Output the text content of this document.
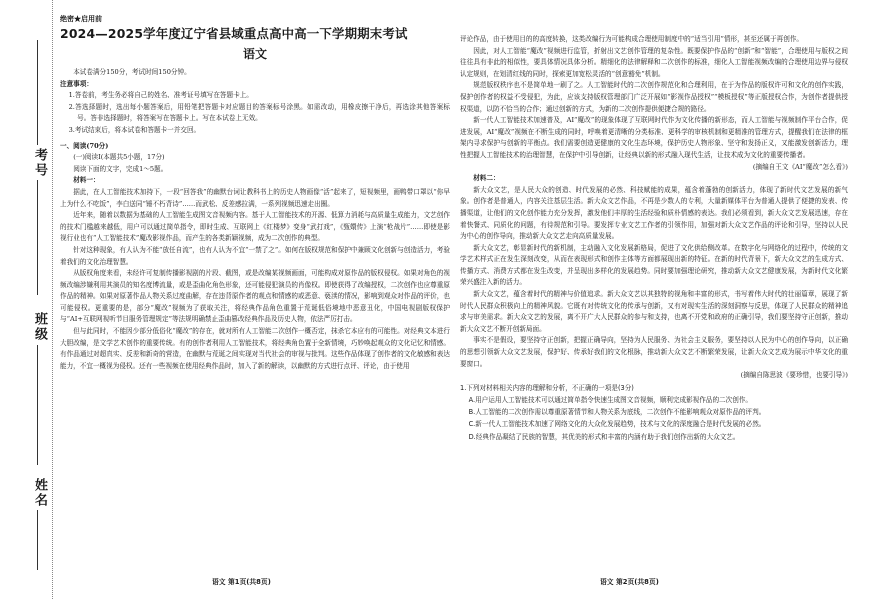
考号
班级
姓名
绝密★启用前
2024—2025学年度辽宁省县域重点高中高一下学期期末考试
语文

本试卷满分150分，考试时间150分钟。

注意事项：

1.答卷前，考生务必将自己的姓名、准考证号填写在答题卡上。

2.答选择题时，选出每小题答案后，用铅笔把答题卡对应题目的答案标号涂黑。如需改动，用橡皮擦干净后，再选涂其他答案标号。答非选择题时，将答案写在答题卡上。写在本试卷上无效。

3.考试结束后，将本试卷和答题卡一并交回。

一、阅读(70分)

(一)阅读Ⅰ(本题共5小题，17分)

阅读下面的文字，完成1～5题。

材料一：

据此，在人工智能技术加持下，一段“回答我”的幽默台词让教科书上的历史人物画像“活”起来了，短视频里，画鸭带口罩以“你早上为什么不吃饭”，李白送同“锤不朽背诗”……而武松、反差感拉满，一系列视频迅速走出圈。

近年来，随着以数据为基础的人工智能生成图文音视频内容。基于人工智能技术的开源、低算力消耗与高质量生成能力，文艺创作的技术门槛越来越低，用户可以通过简单指令，即时生成、互联网上《红楼梦》变身“武打戏”，《甄嬛传》上演“枪战片”……即使是影视行业也有“人工智能技术”魔改影视作品，而产生的各类新颖视频，成为二次创作的典型。

针对这种现象，有人认为不能“放任自流”，也有人认为不宜“一禁了之”。如何在版权规范和保护中兼顾文化创新与创造活力，考验着我们的文化治理智慧。

从版权角度来看，未经许可复制传播影视剧的片段、截图，或是改编某视频画面，可能构成对原作品的版权侵权。如果对角色的视频改编涉嫌利用其演员的知名度博流量，或是歪曲化角色形象，还可能侵犯演员的肖像权。即使获得了改编授权，二次创作也应尊重原作品的精神。如果对原著作品人物关系过度曲解，存在违背原作者的观点和情感的或恶意、亵渎的情况，影响到观众对作品的评价，也可能侵权。更重要的是，部分“魔改”视频为了获取关注，将经典作品角色重置于荒诞低俗境地中恶意丑化，中国电视剧版权保护与“AI+互联网视听节目服务管理规定”等法规明确禁止歪曲篡改经典作品及历史人物，依法严厉打击。

但与此同时，不能因少部分低俗化“魔改”的存在，就对所有人工智能二次创作一概否定，抹杀它本应有的可能性。对经典文本进行大胆改编，是文学艺术创作的重要传统。有的创作者利用人工智能技术，将经典角色置于全新情境，巧妙唤起观众的文化记忆和情感。有作品通过对超真实、反差和新奇的营造，在幽默与荒诞之间实现对当代社会的审视与批判。这些作品体现了创作者的文化敏感和表达能力，不宜一概视为侵权。还有一些视频在使用经典作品时，加入了新的解读，以幽默的方式进行点评、评论，由于使用

语文 第1页(共8页)

评论作品，由于使用目的的高度转换，这类改编行为可能构成合理使用制度中的“适当引用”情形，甚至还属于再创作。

因此，对人工智能“魔改”视频进行监管，折射出文艺创作管理的复杂性。既要保护作品的“创新”和“智能”，合理使用与版权之间往往具有非此的相似性，要具体情况具体分析。精细化的法律解释和二次创作的标准，细化人工智能视频改编的合理使用边界与侵权认定规则，在划清红线的同时，探索更加宽松灵活的“创意豁免”机制。

规范版权秩序也不是简单地一刷了之。人工智能时代的二次创作规范化和合理利用，在于为作品的版权许可和文化的创作实践，保护创作者的权益不受侵犯，为此，应该支持版权管理部门广泛开展如“影视作品授权”“模板授权”等正版授权合作，为创作者提供授权渠道，以防不恰当的合作；通过创新的方式，为新的二次创作提供便捷合规的路径。

新一代人工智能技术加速普及，AI“魔改”的现象体现了互联网时代作为文化传播的新形态，而人工智能与视频制作平台合作，促进发展，AI“魔改”视频在不断生成的同时，呼唤着更清晰的分类标准、更科学的审核机制和更精准的管理方式，提醒我们在法律的框架内寻求保护与创新的平衡点。我们需要创造更健康的文化生态环境，保护历史人物形象、坚守和发扬正义，又能激发创新活力，理性把握人工智能技术的治理智慧，在保护中引导创新，让经典以新的形式融入现代生活，让技术成为文化的重要传播者。

(摘编自王文《AI“魔改”怎么看》)

材料二：

新大众文艺，是人民大众的创造、时代发展的必然、科技赋能的成果，蕴含着蓬勃的创新活力，体现了新时代文艺发展的新气象。创作者是普通人，内容关注基层生活。新大众文艺作品，不再是少数人的专利，大量新媒体平台为普通人提供了便捷的发表、传播渠道，让他们的文化创作能力充分发挥，激发他们丰厚的生活经验和质朴情感的表达。我们必须看到，新大众文艺发展迅速，存在着快餐式、同质化的问题，有待规范和引导。要发挥专业文艺工作者的引领作用，加强对新大众文艺作品的评论和引导，坚持以人民为中心的创作导向，推动新大众文艺走向高质量发展。

新大众文艺，彰显新时代的新机制，主动融入文化发展新格局，促进了文化供给侧改革。在数字化与网络化的过程中，传统的文学艺术样式正在发生深刻改变，从而在表现形式和创作主体等方面都展现出新的特征。在新的时代背景下，新大众文艺的生成方式、传播方式、消费方式都在发生改变，并呈现出多样化的发展趋势。同时要加强理论研究，推动新大众文艺健康发展，为新时代文化繁荣兴盛注入新的活力。

新大众文艺，蕴含着时代的精神与价值追求。新大众文艺以其独特的视角和丰富的形式，书写着伟大时代的壮丽篇章，展现了新时代人民群众积极向上的精神风貌。它既有对传统文化的传承与创新，又有对现实生活的深刻洞察与反思，体现了人民群众的精神追求与审美需求。新大众文艺的发展，离不开广大人民群众的参与和支持，也离不开党和政府的正确引导，我们要坚持守正创新，推动新大众文艺不断开创新局面。

事实不是假设，要坚持守正创新，把握正确导向，坚持为人民服务、为社会主义服务，要坚持以人民为中心的创作导向，以正确的思想引领新大众文艺发展，保护好、传承好我们的文化根脉，推动新大众文艺不断繁荣发展，让新大众文艺成为展示中华文化的重要窗口。

(摘编自陈思波《要珍惜，也要引导》)

1.下列对材料相关内容的理解和分析，不正确的一项是(3分)

A.用户运用人工智能技术可以通过简单指令快速生成图文音视频，顺利完成影视作品的二次创作。

B.人工智能的二次创作需以尊重原著情节和人物关系为底线，二次创作不能影响观众对原作品的评判。

C.新一代人工智能技术加速了网络文化的大众化发展趋势，技术与文化的深度融合是时代发展的必然。

D.经典作品凝结了民族的智慧，其优美的形式和丰富的内涵有助于我们创作出新的大众文艺。

语文 第2页(共8页)
